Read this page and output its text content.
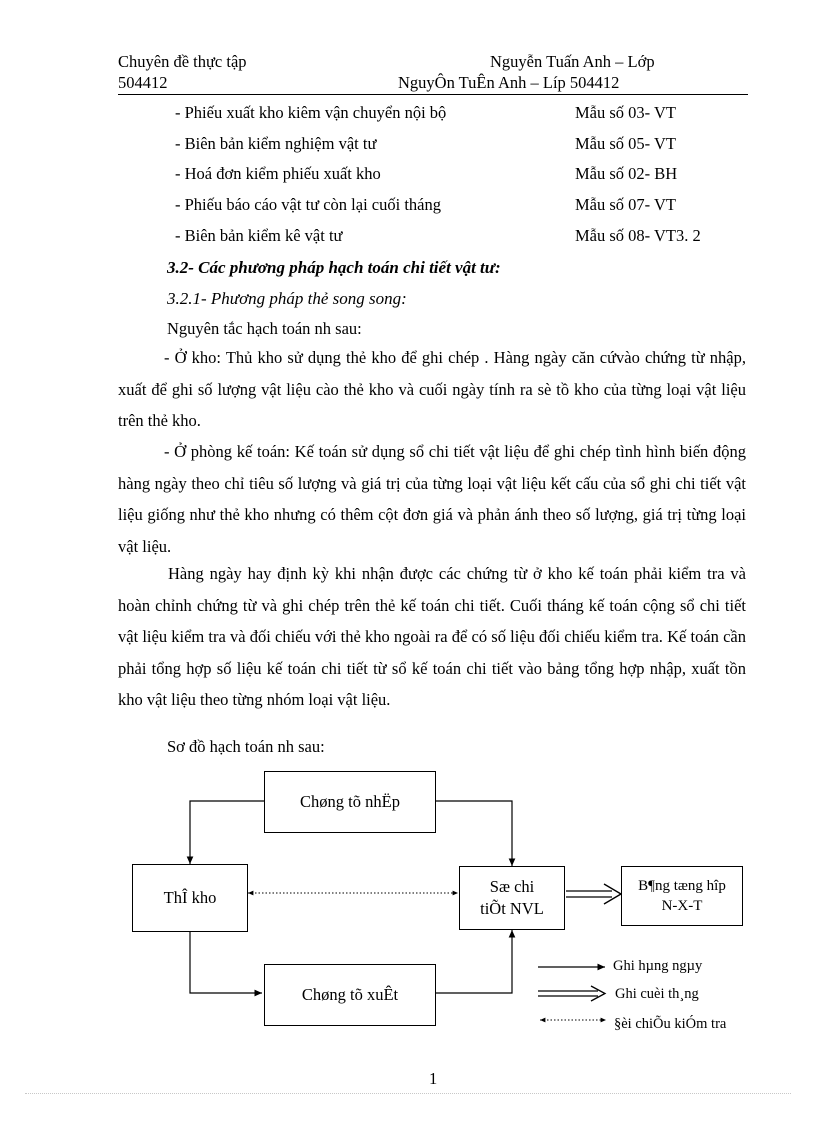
Chuyên đề thực tập	Nguyễn Tuấn Anh – Lớp
504412	NguyÔn TuÊn Anh – Líp 504412
- Phiếu xuất kho kiêm vận chuyển nội bộ	Mẫu số 03- VT
- Biên bản kiểm nghiệm vật tư	Mẫu số 05- VT
- Hoá đơn kiểm phiếu xuất kho	Mẫu số 02- BH
- Phiếu báo cáo vật tư còn lại cuối tháng	Mẫu số 07- VT
- Biên bản kiểm kê vật tư	Mẫu số 08- VT3. 2
3.2- Các phương pháp hạch toán chi tiết vật tư:
3.2.1- Phương pháp thẻ song song:
Nguyên tắc hạch toán nh sau:
- Ở kho: Thủ kho sử dụng thẻ kho để ghi chép . Hàng ngày căn cứvào chứng từ nhập, xuất để ghi số lượng vật liệu cào thẻ kho và cuối ngày tính ra sè tồ kho của từng loại vật liệu trên thẻ kho.
- Ở phòng kế toán: Kế toán sử dụng sổ chi tiết vật liệu để ghi chép tình hình biến động hàng ngày theo chỉ tiêu số lượng và giá trị của từng loại vật liệu kết cấu của sổ ghi chi tiết vật liệu giống như thẻ kho nhưng có thêm cột đơn giá và phản ánh theo số lượng, giá trị từng loại vật liệu.
Hàng ngày hay định kỳ khi nhận được các chứng từ ở kho kế toán phải kiểm tra và hoàn chỉnh chứng từ và ghi chép trên thẻ kế toán chi tiết. Cuối tháng kế toán cộng sổ chi tiết vật liệu kiểm tra và đối chiếu với thẻ kho ngoài ra để có số liệu đối chiếu kiểm tra. Kế toán cần phải tổng hợp số liệu kế toán chi tiết từ sổ kế toán chi tiết vào bảng tổng hợp nhập, xuất tồn kho vật liệu theo từng nhóm loại vật liệu.
Sơ đồ hạch toán nh sau:
Chøng tõ nhËp
ThÎ kho
Sæ chi
tiÕt NVL
B¶ng tæng hîp
N-X-T
Chøng tõ xuÊt
Ghi hµng ngµy
Ghi cuèi th¸ng
§èi chiÕu kiÓm tra
1
